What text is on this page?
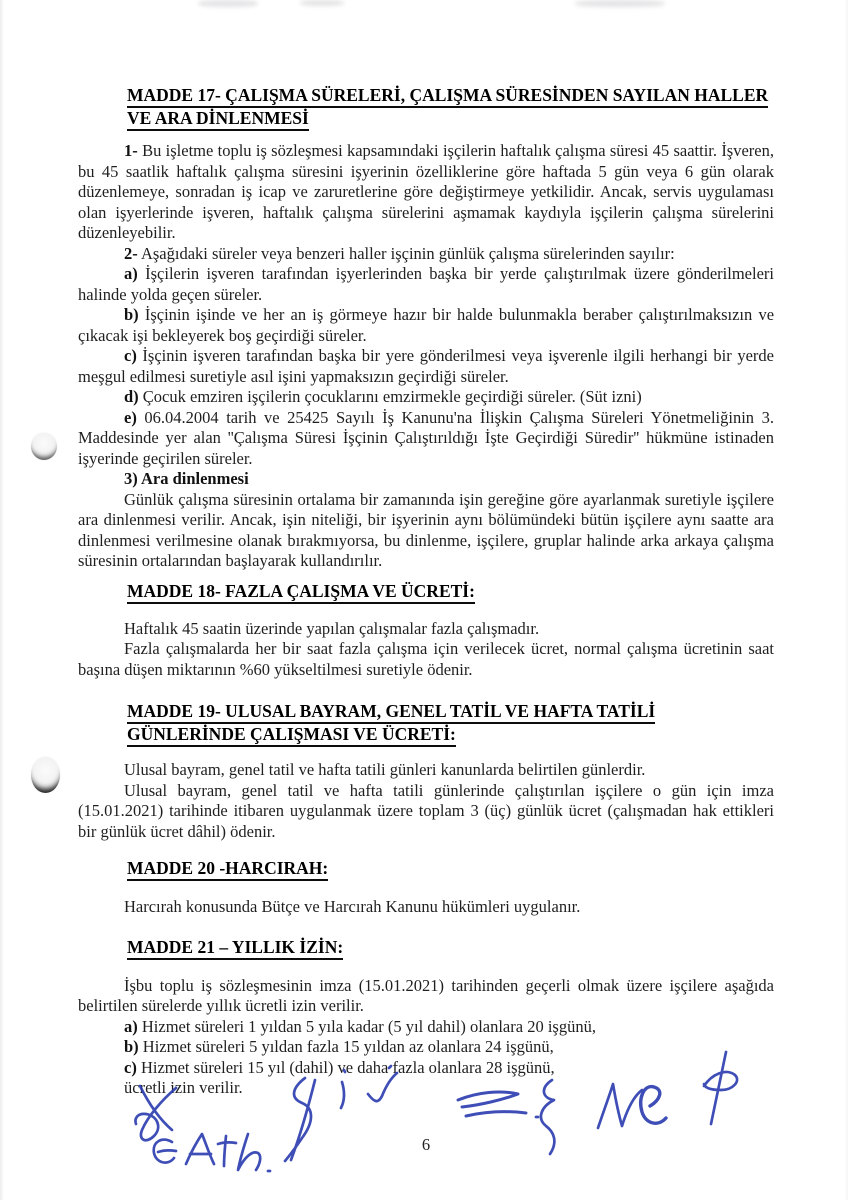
MADDE 17- ÇALIŞMA SÜRELERİ, ÇALIŞMA SÜRESİNDEN SAYILAN HALLER
VE ARA DİNLENMESİ

1- Bu işletme toplu iş sözleşmesi kapsamındaki işçilerin haftalık çalışma süresi 45 saattir. İşveren, bu 45 saatlik haftalık çalışma süresini işyerinin özelliklerine göre haftada 5 gün veya 6 gün olarak düzenlemeye, sonradan iş icap ve zaruretlerine göre değiştirmeye yetkilidir. Ancak, servis uygulaması olan işyerlerinde işveren, haftalık çalışma sürelerini aşmamak kaydıyla işçilerin çalışma sürelerini düzenleyebilir.

2- Aşağıdaki süreler veya benzeri haller işçinin günlük çalışma sürelerinden sayılır:

a) İşçilerin işveren tarafından işyerlerinden başka bir yerde çalıştırılmak üzere gönderilmeleri halinde yolda geçen süreler.

b) İşçinin işinde ve her an iş görmeye hazır bir halde bulunmakla beraber çalıştırılmaksızın ve çıkacak işi bekleyerek boş geçirdiği süreler.

c) İşçinin işveren tarafından başka bir yere gönderilmesi veya işverenle ilgili herhangi bir yerde meşgul edilmesi suretiyle asıl işini yapmaksızın geçirdiği süreler.

d) Çocuk emziren işçilerin çocuklarını emzirmekle geçirdiği süreler. (Süt izni)

e) 06.04.2004 tarih ve 25425 Sayılı İş Kanunu'na İlişkin Çalışma Süreleri Yönetmeliğinin 3. Maddesinde yer alan ''Çalışma Süresi İşçinin Çalıştırıldığı İşte Geçirdiği Süredir'' hükmüne istinaden işyerinde geçirilen süreler.

3) Ara dinlenmesi

Günlük çalışma süresinin ortalama bir zamanında işin gereğine göre ayarlanmak suretiyle işçilere ara dinlenmesi verilir. Ancak, işin niteliği, bir işyerinin aynı bölümündeki bütün işçilere aynı saatte ara dinlenmesi verilmesine olanak bırakmıyorsa, bu dinlenme, işçilere, gruplar halinde arka arkaya çalışma süresinin ortalarından başlayarak kullandırılır.

MADDE 18- FAZLA ÇALIŞMA VE ÜCRETİ:

Haftalık 45 saatin üzerinde yapılan çalışmalar fazla çalışmadır.

Fazla çalışmalarda her bir saat fazla çalışma için verilecek ücret, normal çalışma ücretinin saat başına düşen miktarının %60 yükseltilmesi suretiyle ödenir.

MADDE 19- ULUSAL BAYRAM, GENEL TATİL VE HAFTA TATİLİ
GÜNLERİNDE ÇALIŞMASI VE ÜCRETİ:

Ulusal bayram, genel tatil ve hafta tatili günleri kanunlarda belirtilen günlerdir.

Ulusal bayram, genel tatil ve hafta tatili günlerinde çalıştırılan işçilere o gün için imza (15.01.2021) tarihinde itibaren uygulanmak üzere toplam 3 (üç) günlük ücret (çalışmadan hak ettikleri bir günlük ücret dâhil) ödenir.

MADDE 20 -HARCIRAH:

Harcırah konusunda Bütçe ve Harcırah Kanunu hükümleri uygulanır.

MADDE 21 – YILLIK İZİN:

İşbu toplu iş sözleşmesinin imza (15.01.2021) tarihinden geçerli olmak üzere işçilere aşağıda belirtilen sürelerde yıllık ücretli izin verilir.

a) Hizmet süreleri 1 yıldan 5 yıla kadar (5 yıl dahil) olanlara 20 işgünü,

b) Hizmet süreleri 5 yıldan fazla 15 yıldan az olanlara 24 işgünü,

c) Hizmet süreleri 15 yıl (dahil) ve daha fazla olanlara 28 işgünü,

ücretli izin verilir.

6
